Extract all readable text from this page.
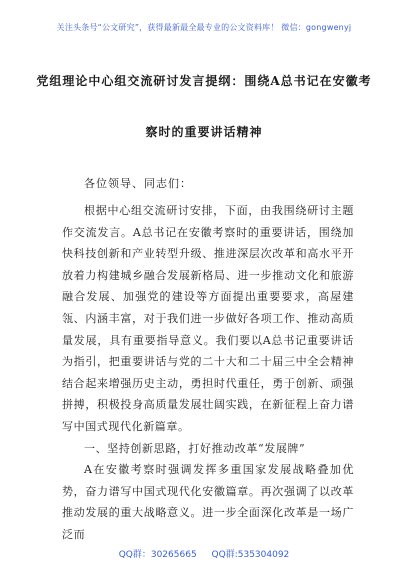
关注头条号“公文研究”，获得最新最全最专业的公文资料库！ 微信：gongwenyj
党组理论中心组交流研讨发言提纲：围绕A总书记在安徽考
察时的重要讲话精神
各位领导、同志们：

根据中心组交流研讨安排，下面，由我围绕研讨主题作交流发言。A总书记在安徽考察时的重要讲话，围绕加快科技创新和产业转型升级、推进深层次改革和高水平开放着力构建城乡融合发展新格局、进一步推动文化和旅游融合发展、加强党的建设等方面提出重要要求，高屋建瓴、内涵丰富，对于我们进一步做好各项工作、推动高质量发展，具有重要指导意义。我们要以A总书记重要讲话为指引，把重要讲话与党的二十大和二十届三中全会精神结合起来增强历史主动，勇担时代重任，勇于创新、顽强拼搏，积极投身高质量发展壮阔实践，在新征程上奋力谱写中国式现代化新篇章。

一、坚持创新思路，打好推动改革“发展牌”

A在安徽考察时强调发挥多重国家发展战略叠加优势，奋力谱写中国式现代化安徽篇章。再次强调了以改革推动发展的重大战略意义。进一步全面深化改革是一场广泛而

QQ群：30265665 QQ群:535304092
